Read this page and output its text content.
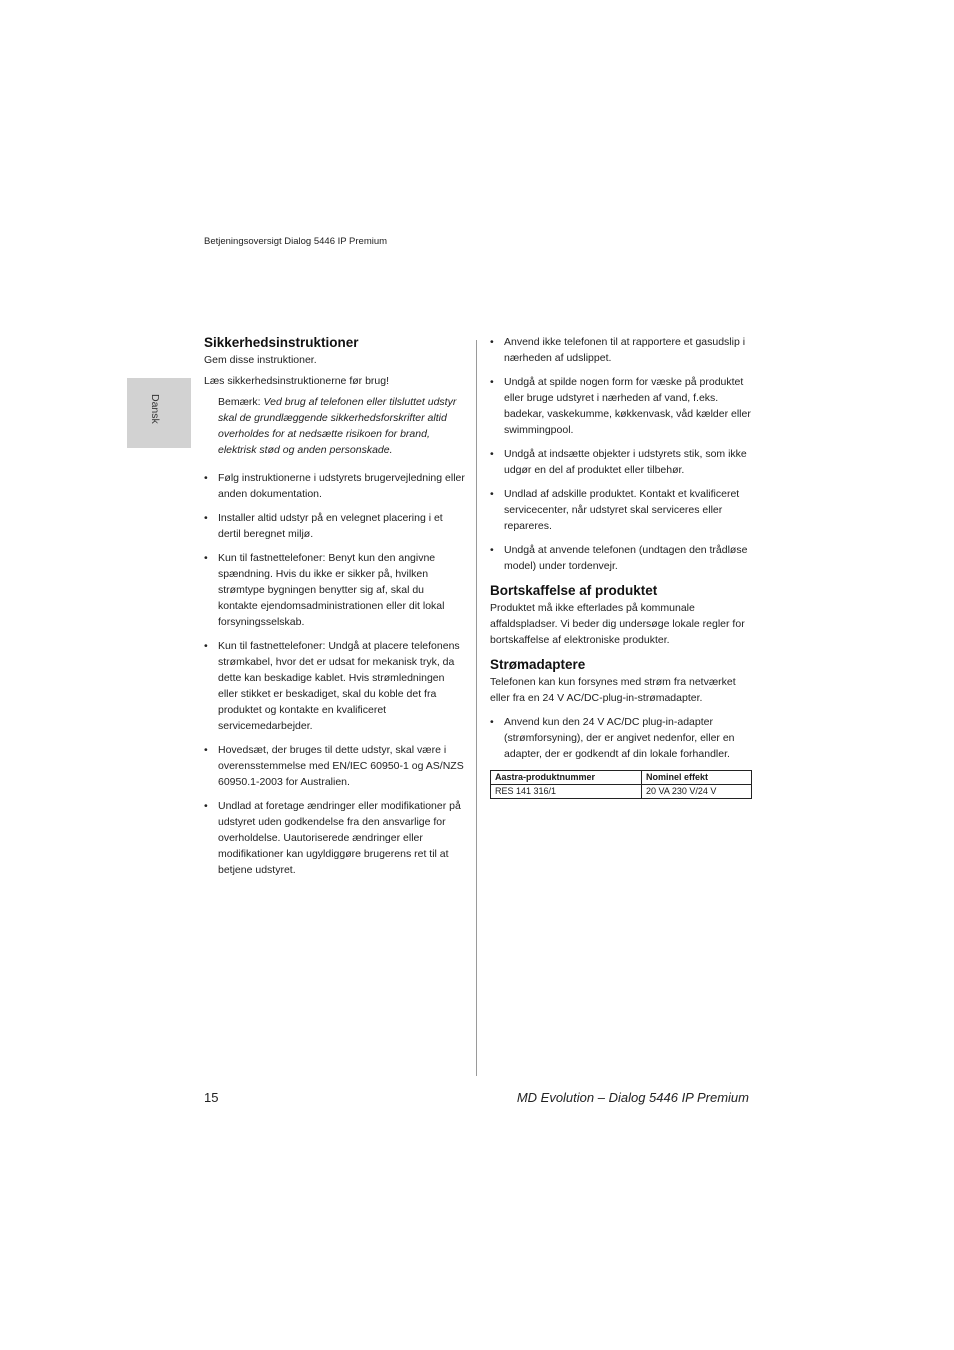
Betjeningsoversigt Dialog 5446 IP Premium
Dansk
Sikkerhedsinstruktioner

Gem disse instruktioner.

Læs sikkerhedsinstruktionerne før brug!

Bemærk: Ved brug af telefonen eller tilsluttet udstyr skal de grundlæggende sikkerhedsforskrifter altid overholdes for at nedsætte risikoen for brand, elektrisk stød og anden personskade.
• Følg instruktionerne i udstyrets brugervejledning eller anden dokumentation.
• Installer altid udstyr på en velegnet placering i et dertil beregnet miljø.
• Kun til fastnettelefoner: Benyt kun den angivne spændning. Hvis du ikke er sikker på, hvilken strømtype bygningen benytter sig af, skal du kontakte ejendomsadministrationen eller dit lokal forsyningsselskab.
• Kun til fastnettelefoner: Undgå at placere telefonens strømkabel, hvor det er udsat for mekanisk tryk, da dette kan beskadige kablet. Hvis strømledningen eller stikket er beskadiget, skal du koble det fra produktet og kontakte en kvalificeret servicemedarbejder.
• Hovedsæt, der bruges til dette udstyr, skal være i overensstemmelse med EN/IEC 60950-1 og AS/NZS 60950.1-2003 for Australien.
• Undlad at foretage ændringer eller modifikationer på udstyret uden godkendelse fra den ansvarlige for overholdelse. Uautoriserede ændringer eller modifikationer kan ugyldiggøre brugerens ret til at betjene udstyret.
• Anvend ikke telefonen til at rapportere et gasudslip i nærheden af udslippet.
• Undgå at spilde nogen form for væske på produktet eller bruge udstyret i nærheden af vand, f.eks. badekar, vaskekumme, køkkenvask, våd kælder eller swimmingpool.
• Undgå at indsætte objekter i udstyrets stik, som ikke udgør en del af produktet eller tilbehør.
• Undlad af adskille produktet. Kontakt et kvalificeret servicecenter, når udstyret skal serviceres eller repareres.
• Undgå at anvende telefonen (undtagen den trådløse model) under tordenvejr.
Bortskaffelse af produktet

Produktet må ikke efterlades på kommunale affaldspladser. Vi beder dig undersøge lokale regler for bortskaffelse af elektroniske produkter.

Strømadaptere

Telefonen kan kun forsynes med strøm fra netværket eller fra en 24 V AC/DC-plug-in-strømadapter.

• Anvend kun den 24 V AC/DC plug-in-adapter (strømforsyning), der er angivet nedenfor, eller en adapter, der er godkendt af din lokale forhandler.
Aastra-produktnummer	Nominel effekt
RES 141 316/1	20 VA 230 V/24 V
15	MD Evolution – Dialog 5446 IP Premium
